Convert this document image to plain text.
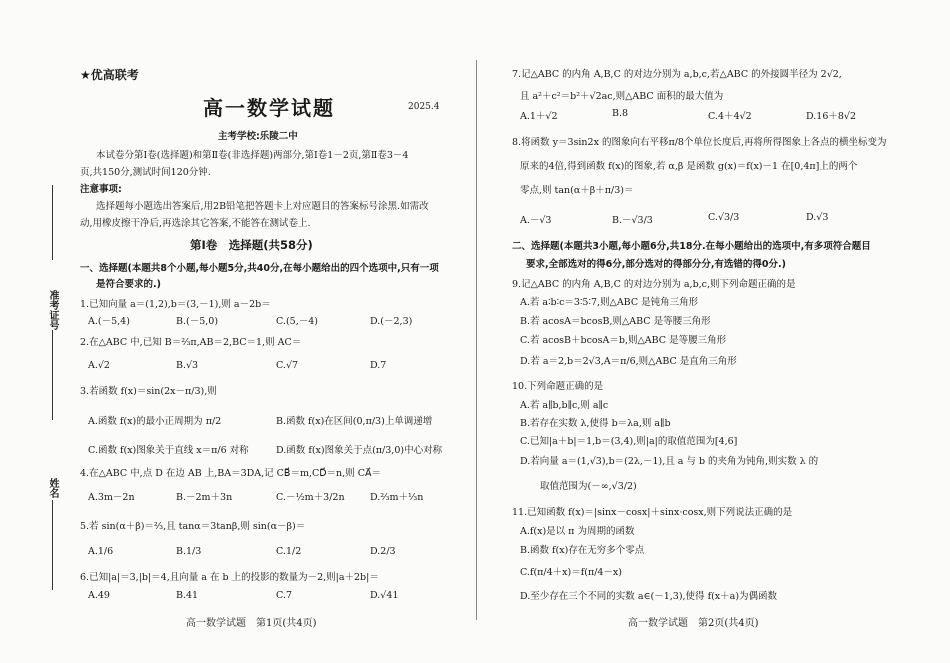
准考证号
姓名
★优高联考
高一数学试题	2025.4
主考学校:乐陵二中
本试卷分第Ⅰ卷(选择题)和第Ⅱ卷(非选择题)两部分,第Ⅰ卷1－2页,第Ⅱ卷3－4
页,共150分,测试时间120分钟.
注意事项:
选择题每小题选出答案后,用2B铅笔把答题卡上对应题目的答案标号涂黑.如需改
动,用橡皮擦干净后,再选涂其它答案,不能答在测试卷上.
第Ⅰ卷　选择题(共58分)
一、选择题(本题共8个小题,每小题5分,共40分,在每小题给出的四个选项中,只有一项
是符合要求的.)
1.已知向量 a＝(1,2),b＝(3,－1),则 a－2b＝
A.(－5,4)	B.(－5,0)	C.(5,－4)	D.(－2,3)
2.在△ABC 中,已知 B＝⅔π,AB＝2,BC＝1,则 AC＝
A.√2	B.√3	C.√7	D.7
3.若函数 f(x)＝sin(2x－π/3),则
A.函数 f(x)的最小正周期为 π/2	B.函数 f(x)在区间(0,π/3)上单调递增
C.函数 f(x)图象关于直线 x＝π/6 对称	D.函数 f(x)图象关于点(π/3,0)中心对称
4.在△ABC 中,点 D 在边 AB 上,BA＝3DA,记 CB⃗＝m,CD⃗＝n,则 CA⃗＝
A.3m－2n	B.－2m＋3n	C.－½m＋3/2n	D.⅔m＋⅓n
5.若 sin(α＋β)＝⅔,且 tanα＝3tanβ,则 sin(α－β)＝
A.1/6	B.1/3	C.1/2	D.2/3
6.已知|a|＝3,|b|＝4,且向量 a 在 b 上的投影的数量为－2,则|a＋2b|＝
A.49	B.41	C.7	D.√41
高一数学试题　第1页(共4页)
7.记△ABC 的内角 A,B,C 的对边分别为 a,b,c,若△ABC 的外接圆半径为 2√2,
且 a²＋c²＝b²＋√2ac,则△ABC 面积的最大值为
A.1＋√2	B.8	C.4＋4√2	D.16＋8√2
8.将函数 y＝3sin2x 的图象向右平移π/8个单位长度后,再将所得图象上各点的横坐标变为
原来的4倍,得到函数 f(x)的图象,若 α,β 是函数 g(x)＝f(x)－1 在[0,4π]上的两个
零点,则 tan(α＋β＋π/3)＝
A.－√3	B.－√3/3	C.√3/3	D.√3
二、选择题(本题共3小题,每小题6分,共18分.在每小题给出的选项中,有多项符合题目
要求,全部选对的得6分,部分选对的得部分分,有选错的得0分.)
9.记△ABC 的内角 A,B,C 的对边分别为 a,b,c,则下列命题正确的是
A.若 a∶b∶c＝3∶5∶7,则△ABC 是钝角三角形
B.若 acosA＝bcosB,则△ABC 是等腰三角形
C.若 acosB＋bcosA＝b,则△ABC 是等腰三角形
D.若 a＝2,b＝2√3,A＝π/6,则△ABC 是直角三角形
10.下列命题正确的是
A.若 a∥b,b∥c,则 a∥c
B.若存在实数 λ,使得 b＝λa,则 a∥b
C.已知|a＋b|＝1,b＝(3,4),则|a|的取值范围为[4,6]
D.若向量 a＝(1,√3),b＝(2λ,－1),且 a 与 b 的夹角为钝角,则实数 λ 的
取值范围为(－∞,√3/2)
11.已知函数 f(x)＝|sinx－cosx|＋sinx·cosx,则下列说法正确的是
A.f(x)是以 π 为周期的函数
B.函数 f(x)存在无穷多个零点
C.f(π/4＋x)＝f(π/4－x)
D.至少存在三个不同的实数 a∈(－1,3),使得 f(x＋a)为偶函数
高一数学试题　第2页(共4页)
